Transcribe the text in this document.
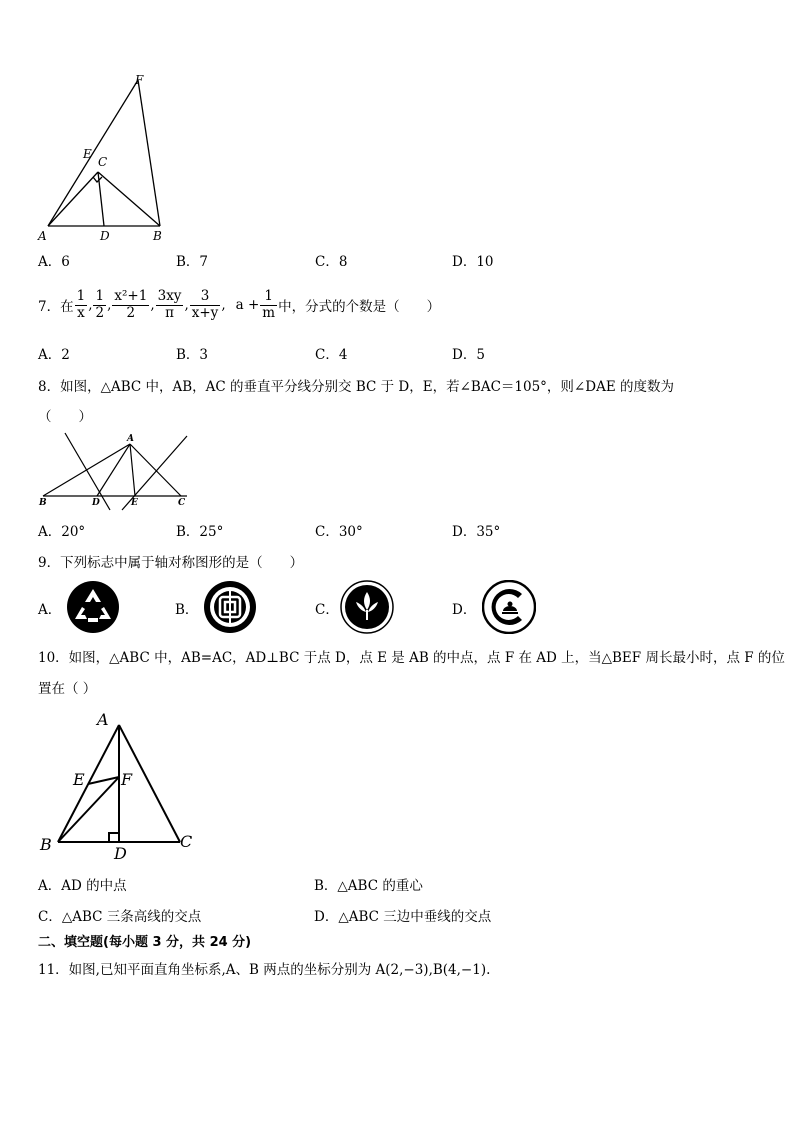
F
E
C
A	D	B
A．6	B．7	C．8	D．10
7．在 $\frac{1}{x}$ , $\frac{1}{2}$ , $\frac{\text{x²+1}}{2}$ , $\frac{3xy}{\pi}$ , $\frac{3}{x+y}$ , $a + \frac{1}{m}$ 中，分式的个数是（　　）
A．2	B．3	C．4	D．5
8．如图，△ABC 中，AB，AC 的垂直平分线分别交 BC 于 D，E，若∠BAC＝105°，则∠DAE 的度数为
（　　）
A
B	D	E	C
A．20°	B．25°	C．30°	D．35°
9．下列标志中属于轴对称图形的是（　　）
A．	B．	C．	D．
10．如图，△ABC 中，AB=AC，AD⊥BC 于点 D，点 E 是 AB 的中点，点 F 在 AD 上，当△BEF 周长最小时，点 F 的位
置在（ ）
A
E F
B	D
C
A．AD 的中点	B．△ABC 的重心
C．△ABC 三条高线的交点	D．△ABC 三边中垂线的交点
二、填空题(每小题 3 分，共 24 分)
11．如图,已知平面直角坐标系,A、B 两点的坐标分别为 A(2,−3),B(4,−1).
